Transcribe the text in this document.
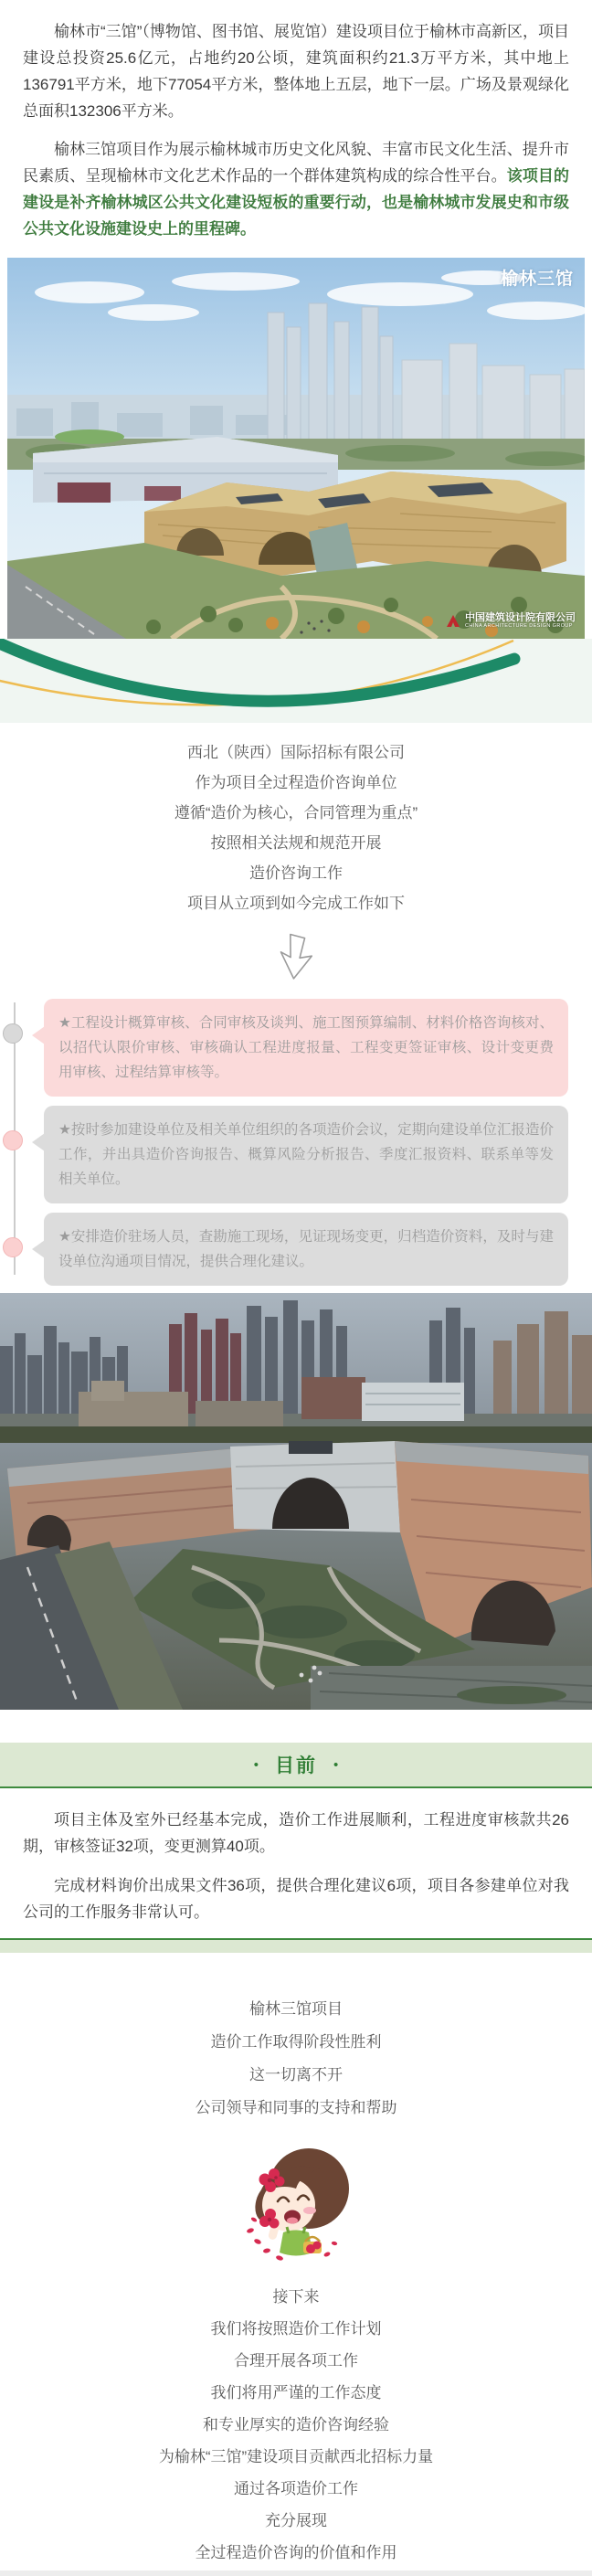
榆林市“三馆”（博物馆、图书馆、展览馆）建设项目位于榆林市高新区，项目建设总投资25.6亿元，占地约20公顷，建筑面积约21.3万平方米，其中地上136791平方米，地下77054平方米，整体地上五层，地下一层。广场及景观绿化总面积132306平方米。

榆林三馆项目作为展示榆林城市历史文化风貌、丰富市民文化生活、提升市民素质、呈现榆林市文化艺术作品的一个群体建筑构成的综合性平台。该项目的建设是补齐榆林城区公共文化建设短板的重要行动，也是榆林城市发展史和市级公共文化设施建设史上的里程碑。

榆林三馆
中国建筑设计院有限公司
CHINA ARCHITECTURE DESIGN GROUP
西北（陕西）国际招标有限公司
作为项目全过程造价咨询单位
遵循“造价为核心，合同管理为重点”
按照相关法规和规范开展
造价咨询工作
项目从立项到如今完成工作如下
★工程设计概算审核、合同审核及谈判、施工图预算编制、材料价格咨询核对、以招代认限价审核、审核确认工程进度报量、工程变更签证审核、设计变更费用审核、过程结算审核等。
★按时参加建设单位及相关单位组织的各项造价会议，定期向建设单位汇报造价工作，并出具造价咨询报告、概算风险分析报告、季度汇报资料、联系单等发相关单位。
★安排造价驻场人员，查勘施工现场，见证现场变更，归档造价资料，及时与建设单位沟通项目情况，提供合理化建议。
• 目前 •

项目主体及室外已经基本完成，造价工作进展顺利，工程进度审核款共26期，审核签证32项，变更测算40项。

完成材料询价出成果文件36项，提供合理化建议6项，项目各参建单位对我公司的工作服务非常认可。

榆林三馆项目
造价工作取得阶段性胜利
这一切离不开
公司领导和同事的支持和帮助
接下来
我们将按照造价工作计划
合理开展各项工作
我们将用严谨的工作态度
和专业厚实的造价咨询经验
为榆林“三馆”建设项目贡献西北招标力量
通过各项造价工作
充分展现
全过程造价咨询的价值和作用
